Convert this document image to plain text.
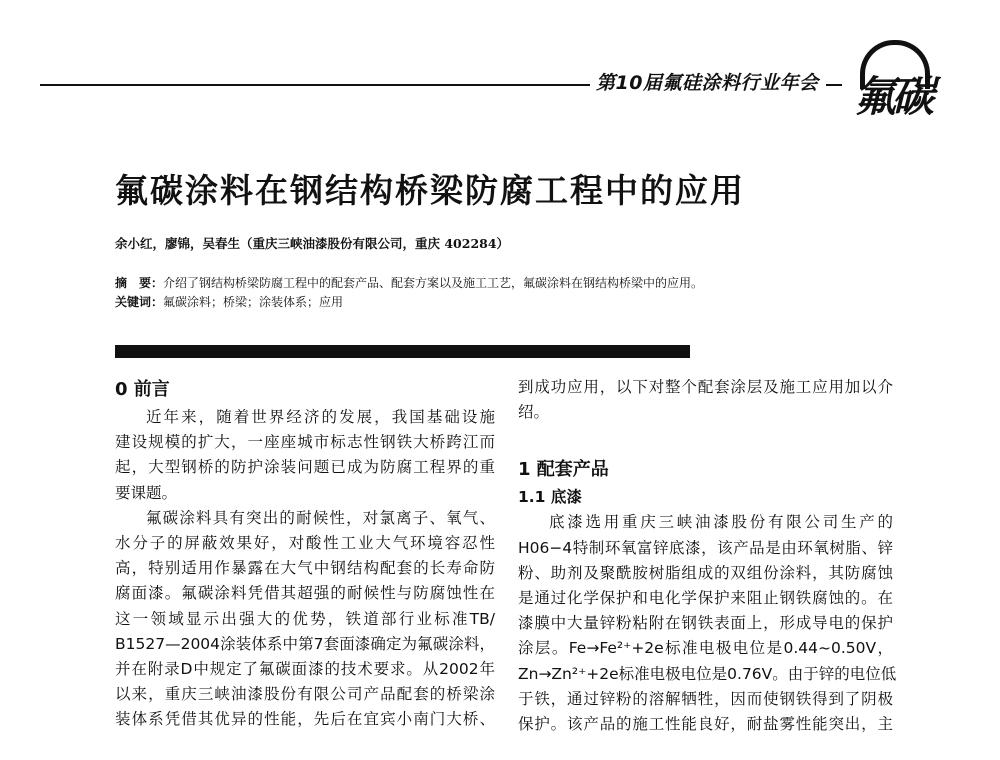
第10届氟硅涂料行业年会 氟碳
氟碳涂料在钢结构桥梁防腐工程中的应用
余小红，廖锦，吴春生（重庆三峡油漆股份有限公司，重庆 402284）
摘　要：介绍了钢结构桥梁防腐工程中的配套产品、配套方案以及施工工艺，氟碳涂料在钢结构桥梁中的应用。
关键词：氟碳涂料；桥梁；涂装体系；应用
0 前言
近年来，随着世界经济的发展，我国基础设施
建设规模的扩大，一座座城市标志性钢铁大桥跨江而
起，大型钢桥的防护涂装问题已成为防腐工程界的重
要课题。
氟碳涂料具有突出的耐候性，对氯离子、氧气、
水分子的屏蔽效果好，对酸性工业大气环境容忍性
高，特别适用作暴露在大气中钢结构配套的长寿命防
腐面漆。氟碳涂料凭借其超强的耐候性与防腐蚀性在
这一领域显示出强大的优势，铁道部行业标准TB/
B1527—2004涂装体系中第7套面漆确定为氟碳涂料，
并在附录D中规定了氟碳面漆的技术要求。从2002年
以来，重庆三峡油漆股份有限公司产品配套的桥梁涂
装体系凭借其优异的性能，先后在宜宾小南门大桥、
到成功应用，以下对整个配套涂层及施工应用加以介
绍。
1 配套产品
1.1 底漆
底漆选用重庆三峡油漆股份有限公司生产的
H06−4特制环氧富锌底漆，该产品是由环氧树脂、锌
粉、助剂及聚酰胺树脂组成的双组份涂料，其防腐蚀
是通过化学保护和电化学保护来阻止钢铁腐蚀的。在
漆膜中大量锌粉粘附在钢铁表面上，形成导电的保护
涂层。Fe→Fe²⁺+2e标准电极电位是0.44~0.50V，
Zn→Zn²⁺+2e标准电极电位是0.76V。由于锌的电位低
于铁，通过锌粉的溶解牺牲，因而使钢铁得到了阴极
保护。该产品的施工性能良好，耐盐雾性能突出，主
